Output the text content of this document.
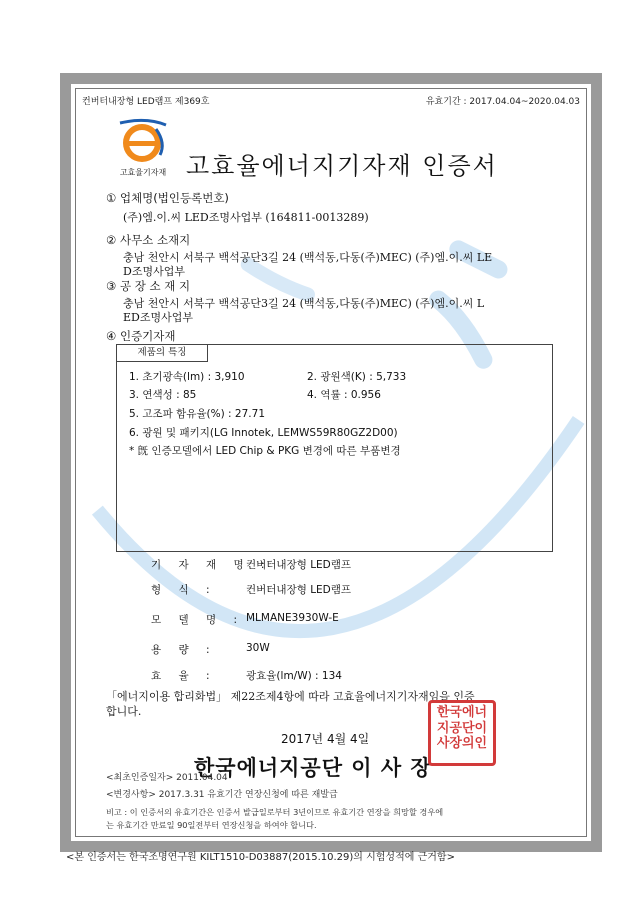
컨버터내장형 LED램프 제369호	유효기간 : 2017.04.04~2020.04.03
고효율기자재 고효율에너지기자재 인증서
① 업체명(법인등록번호)
(주)엠.이.씨 LED조명사업부 (164811-0013289)
② 사무소 소재지
충남 천안시 서북구 백석공단3길 24 (백석동,다동(주)MEC) (주)엠.이.씨 LE
D조명사업부
③ 공 장 소 재 지
충남 천안시 서북구 백석공단3길 24 (백석동,다동(주)MEC) (주)엠.이.씨 L
ED조명사업부
④ 인증기자재
제품의 특징
1. 초기광속(lm) : 3,910	2. 광원색(K) : 5,733
3. 연색성 : 85	4. 역률 : 0.956
5. 고조파 함유율(%) : 27.71
6. 광원 및 패키지(LG Innotek, LEMWS59R80GZ2D00)
* 旣 인증모델에서 LED Chip & PKG 변경에 따른 부품변경
기 자 재 명 :
컨버터내장형 LED램프
형 식 :	컨버터내장형 LED램프
모 델 명 : MLMANE3930W-E
용 량 :	30W
효 율 :	광효율(lm/W) : 134
「에너지이용 합리화법」 제22조제4항에 따라 고효율에너지기자재임을 인증
합니다.
2017년 4월 4일
한국에너지공단 이 사 장
한국에너
지공단이
사장의인
<최초인증일자> 2011.04.04
<변경사항> 2017.3.31 유효기간 연장신청에 따른 재발급
비고 : 이 인증서의 유효기간은 인증서 발급일로부터 3년이므로 유효기간 연장을 희망할 경우에
는 유효기간 만료일 90일전부터 연장신청을 하여야 합니다.
<본 인증서는 한국조명연구원 KILT1510-D03887(2015.10.29)의 시험성적에 근거함>
